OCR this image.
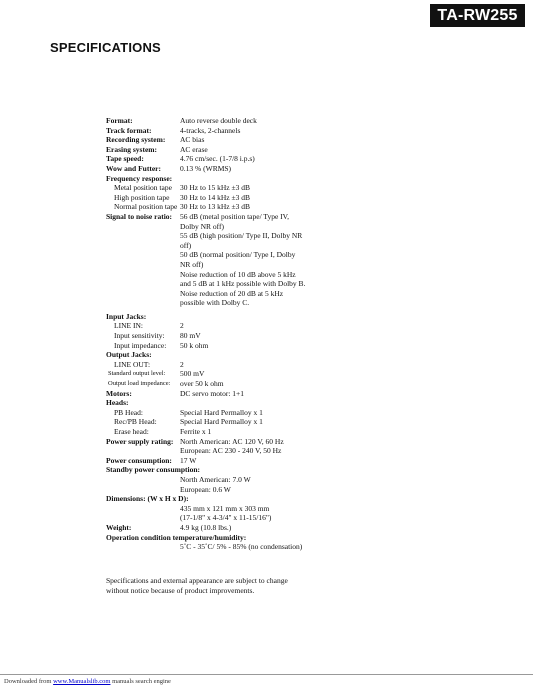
TA-RW255
SPECIFICATIONS
Format:	Auto reverse double deck
Track format:	4-tracks, 2-channels
Recording system:	AC bias
Erasing system:	AC erase
Tape speed:	4.76 cm/sec. (1-7/8 i.p.s)
Wow and Futter:	0.13 % (WRMS)
Frequency response:
Metal position tape	30 Hz to 15 kHz ±3 dB
High position tape	30 Hz to 14 kHz ±3 dB
Normal position tape 30 Hz to 13 kHz ±3 dB
Signal to noise ratio:	56 dB (metal position tape/ Type IV,
Dolby NR off)
55 dB (high position/ Type II, Dolby NR
off)
50 dB (normal position/ Type I, Dolby
NR off)
Noise reduction of 10 dB above 5 kHz
and 5 dB at 1 kHz possible with Dolby B.
Noise reduction of 20 dB at 5 kHz
possible with Dolby C.
Input Jacks:
LINE IN:	2
Input sensitivity:	80 mV
Input impedance:	50 k ohm
Output Jacks:
LINE OUT:	2
Standard output level:	500 mV
Output load impedance:	over 50 k ohm
Motors:	DC servo motor: 1+1
Heads:
PB Head:	Special Hard Permalloy x 1
Rec/PB Head:	Special Hard Permalloy x 1
Erase head:	Ferrite x 1
Power supply rating: North American: AC 120 V, 60 Hz
European: AC 230 - 240 V, 50 Hz
Power consumption:	17 W
Standby power consumption:
North American: 7.0 W
European: 0.6 W
Dimensions: (W x H x D):
435 mm x 121 mm x 303 mm
(17-1/8" x 4-3/4" x 11-15/16")
Weight:	4.9 kg (10.8 lbs.)
Operation condition temperature/humidity:
5˚C - 35˚C/ 5% - 85% (no condensation)
Specifications and external appearance are subject to change
without notice because of product improvements.
Downloaded from www.Manualslib.com manuals search engine
